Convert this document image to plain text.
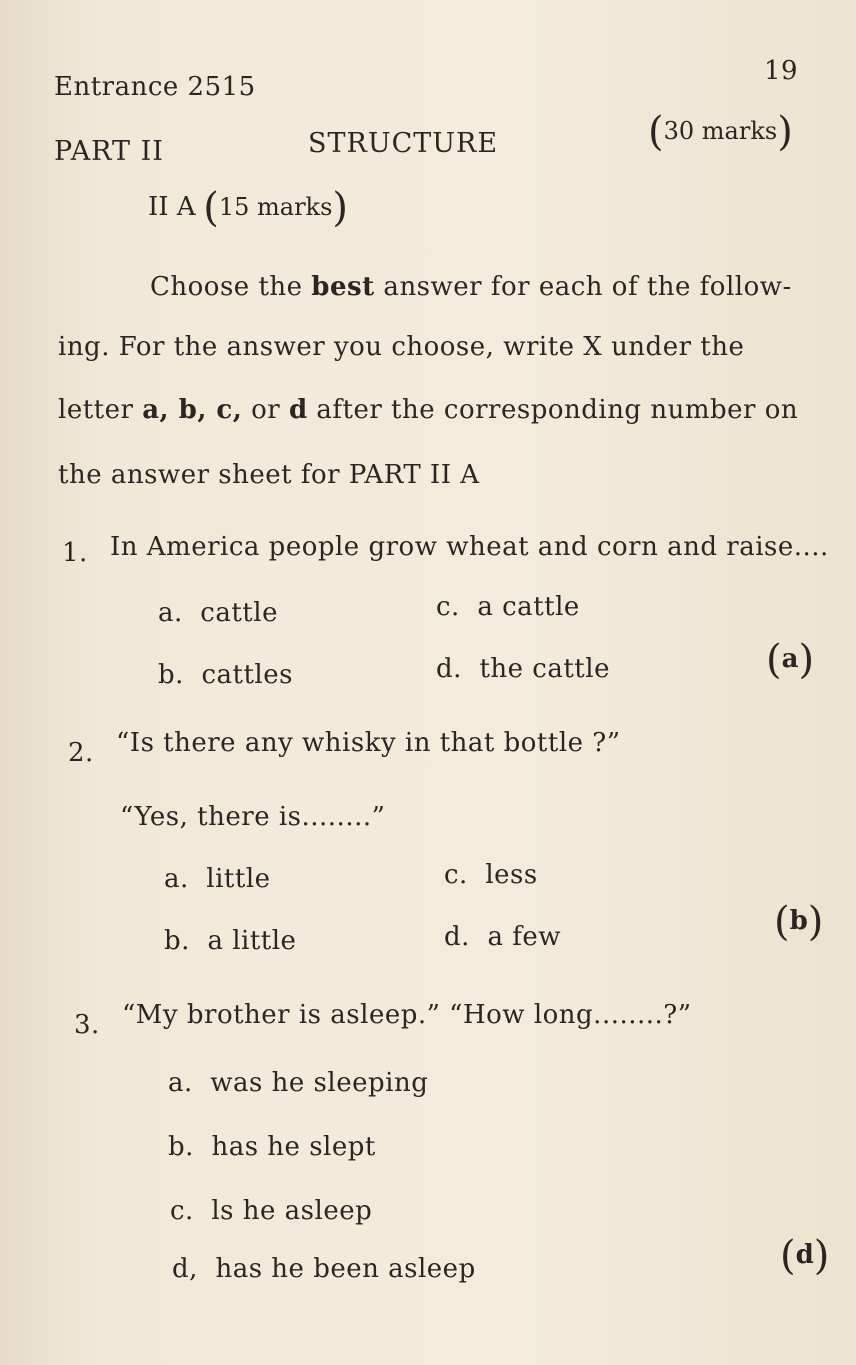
Entrance 2515
19
PART II	STRUCTURE	(30 marks)
II A (15 marks)
Choose the best answer for each of the follow-
ing. For the answer you choose, write X under the
letter a, b, c, or d after the corresponding number on
the answer sheet for PART II A
1. In America people grow wheat and corn and raise....
a. cattle
b. cattles
c. a cattle
d. the cattle	(a)
2. “Is there any whisky in that bottle ?”
“Yes, there is........”
a. little
b. a little
c. less
d. a few	(b)
3. “My brother is asleep.” “How long........?”
a. was he sleeping
b. has he slept
c. ls he asleep
d, has he been asleep	(d)
